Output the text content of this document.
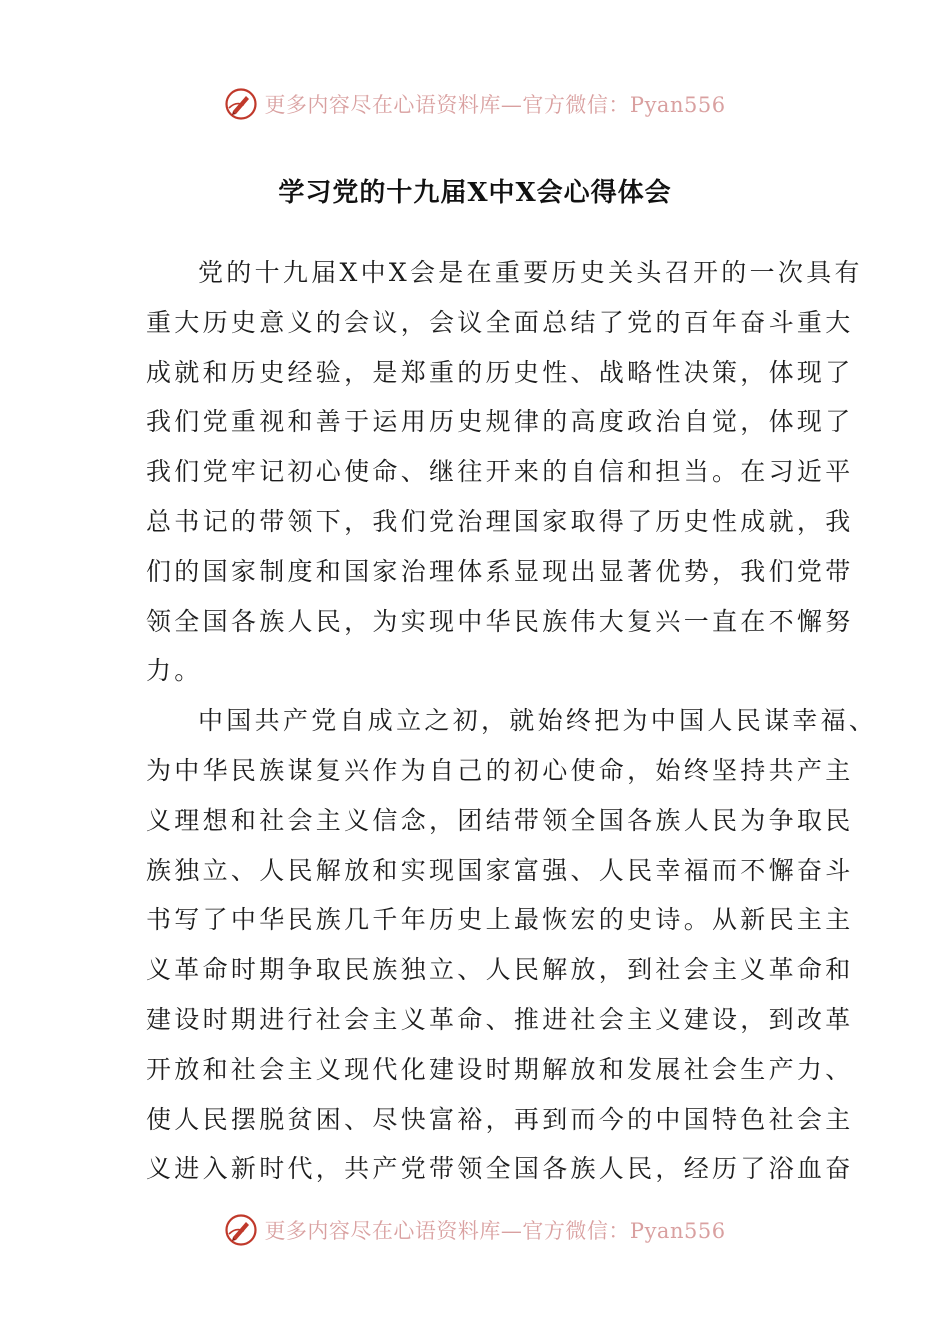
更多内容尽在心语资料库—官方微信：Pyan556
学习党的十九届X中X会心得体会
党的十九届X中X会是在重要历史关头召开的一次具有
重大历史意义的会议，会议全面总结了党的百年奋斗重大
成就和历史经验，是郑重的历史性、战略性决策，体现了
我们党重视和善于运用历史规律的高度政治自觉，体现了
我们党牢记初心使命、继往开来的自信和担当。在习近平
总书记的带领下，我们党治理国家取得了历史性成就，我
们的国家制度和国家治理体系显现出显著优势，我们党带
领全国各族人民，为实现中华民族伟大复兴一直在不懈努
力。
中国共产党自成立之初，就始终把为中国人民谋幸福、
为中华民族谋复兴作为自己的初心使命，始终坚持共产主
义理想和社会主义信念，团结带领全国各族人民为争取民
族独立、人民解放和实现国家富强、人民幸福而不懈奋斗
书写了中华民族几千年历史上最恢宏的史诗。从新民主主
义革命时期争取民族独立、人民解放，到社会主义革命和
建设时期进行社会主义革命、推进社会主义建设，到改革
开放和社会主义现代化建设时期解放和发展社会生产力、
使人民摆脱贫困、尽快富裕，再到而今的中国特色社会主
义进入新时代，共产党带领全国各族人民，经历了浴血奋
更多内容尽在心语资料库—官方微信：Pyan556
